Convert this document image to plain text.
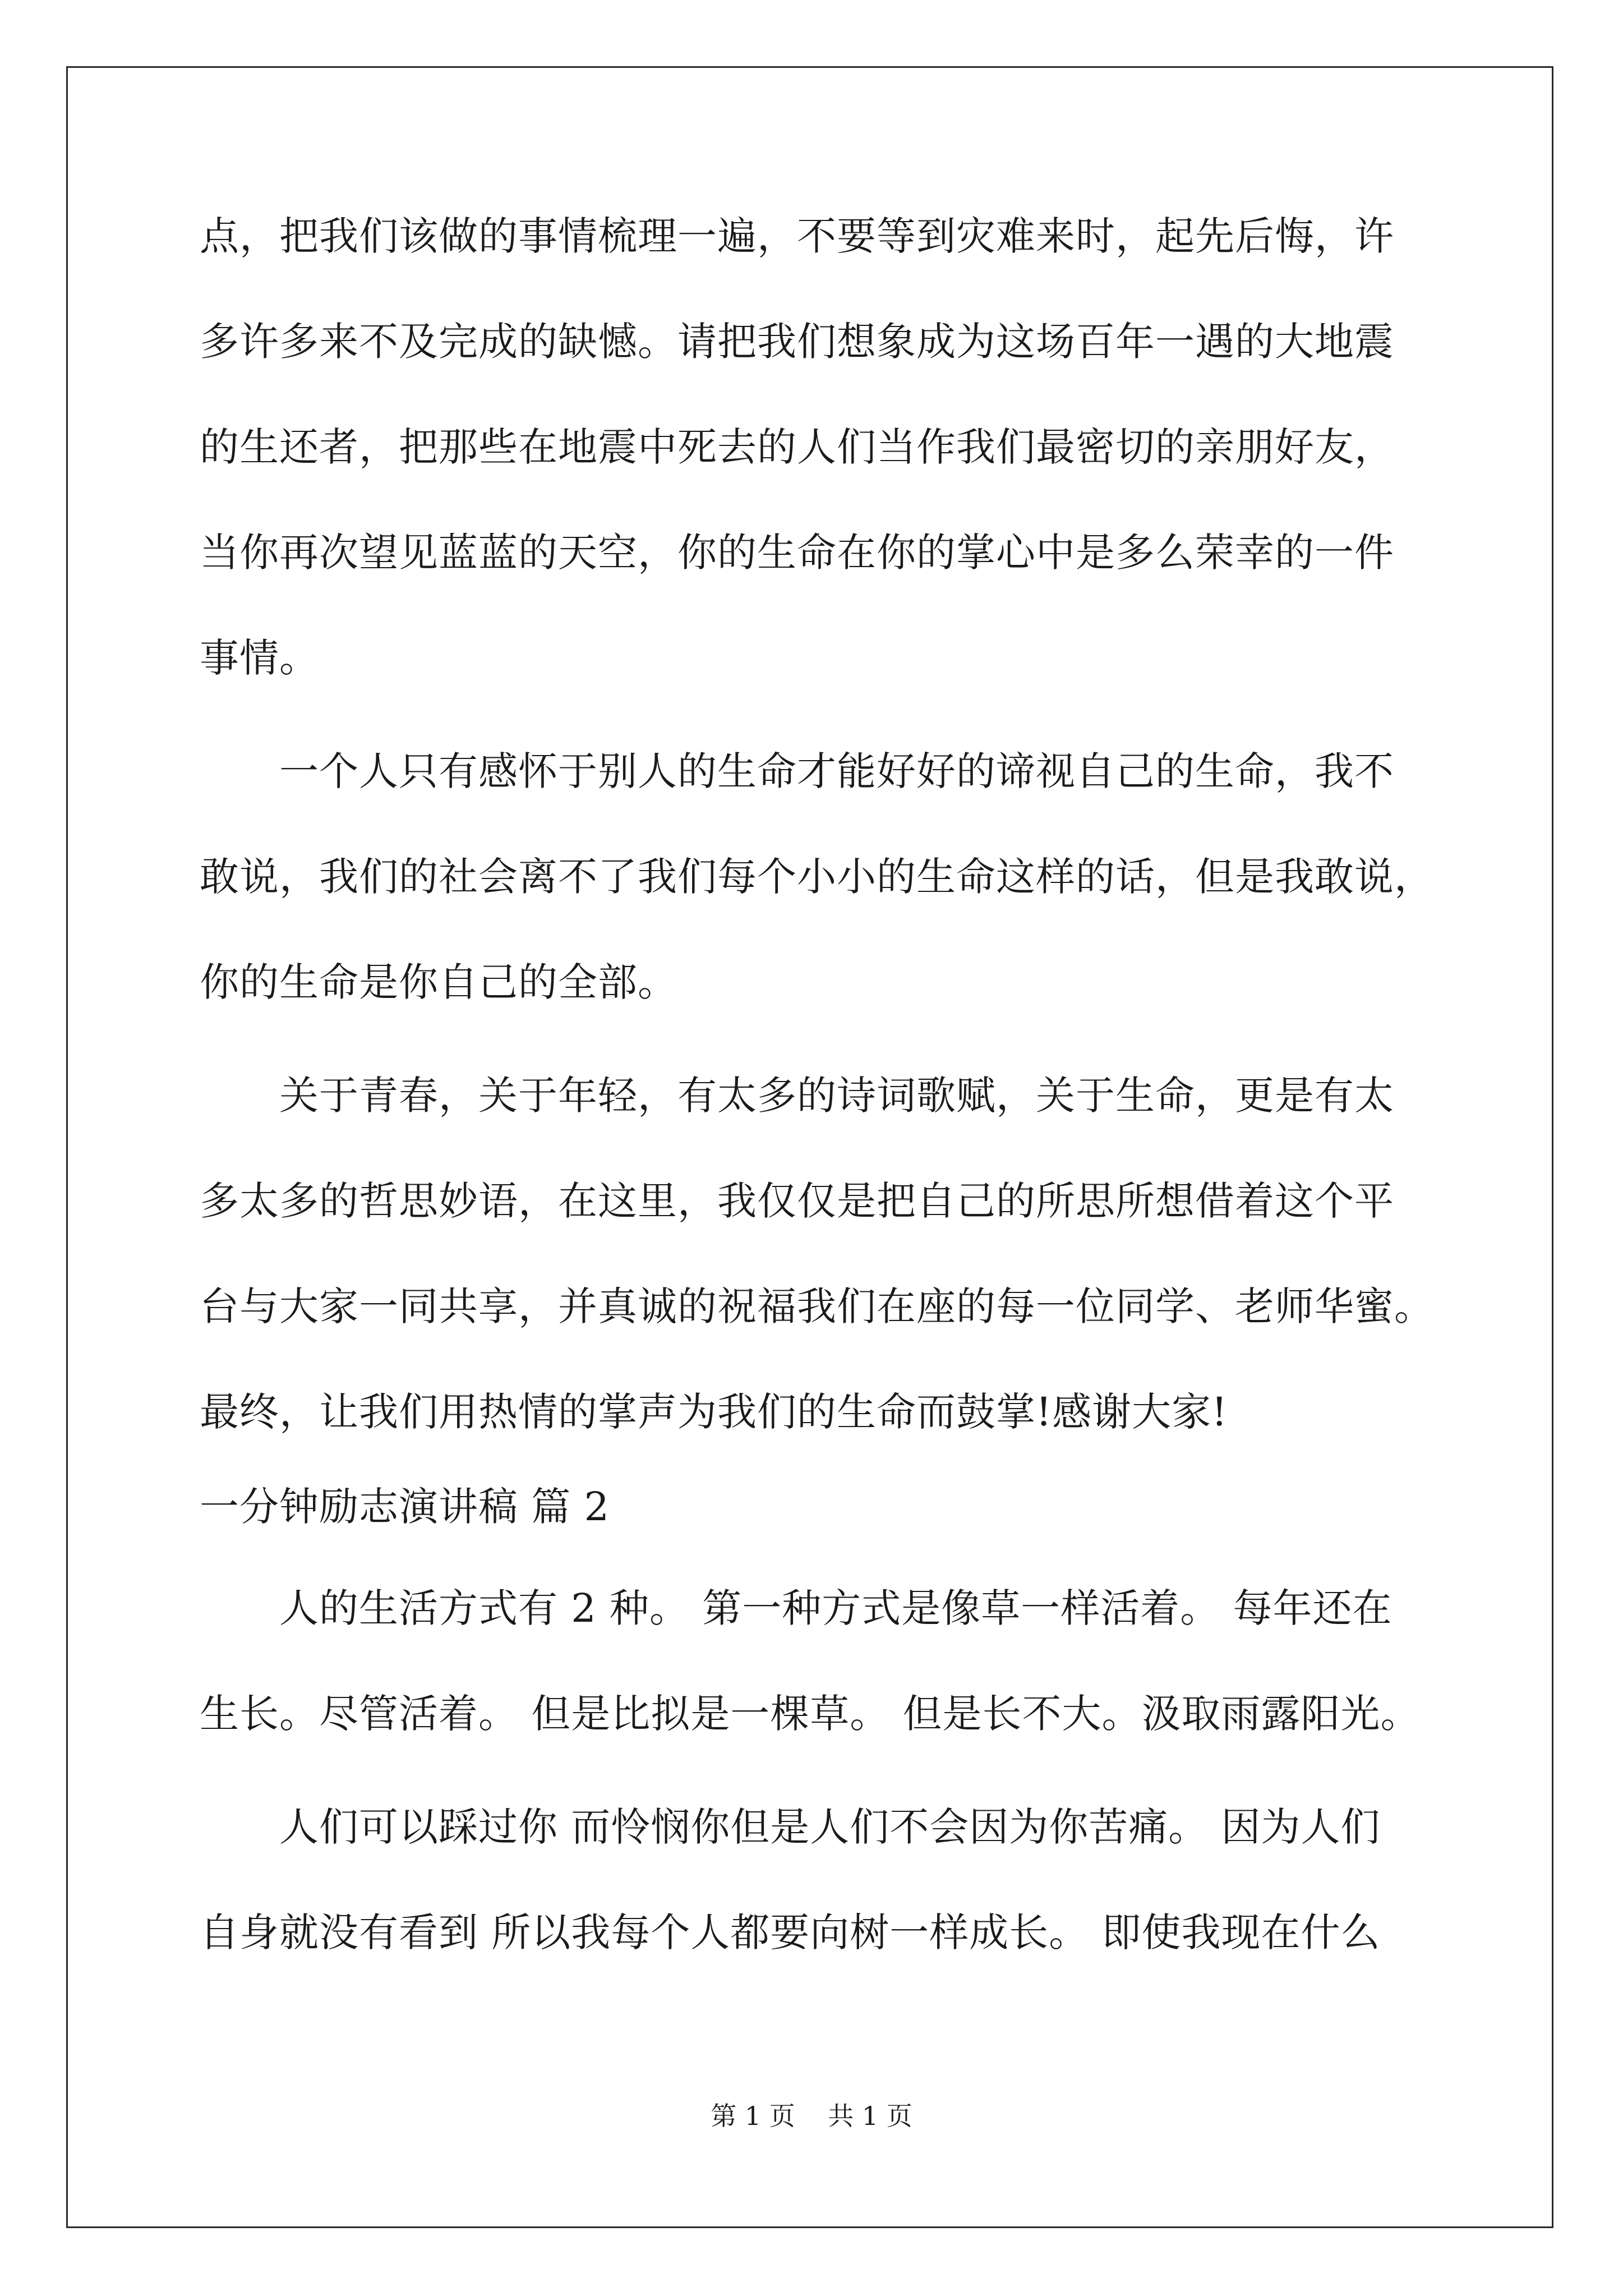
点，把我们该做的事情梳理一遍，不要等到灾难来时，起先后悔，许
多许多来不及完成的缺憾。请把我们想象成为这场百年一遇的大地震
的生还者，把那些在地震中死去的人们当作我们最密切的亲朋好友，
当你再次望见蓝蓝的天空，你的生命在你的掌心中是多么荣幸的一件
事情。
一个人只有感怀于别人的生命才能好好的谛视自己的生命，我不
敢说，我们的社会离不了我们每个小小的生命这样的话，但是我敢说，
你的生命是你自己的全部。
关于青春，关于年轻，有太多的诗词歌赋，关于生命，更是有太
多太多的哲思妙语，在这里，我仅仅是把自己的所思所想借着这个平
台与大家一同共享，并真诚的祝福我们在座的每一位同学、老师华蜜。
最终，让我们用热情的掌声为我们的生命而鼓掌!感谢大家!
一分钟励志演讲稿 篇 2
人的生活方式有 2 种。 第一种方式是像草一样活着。 每年还在
生长。尽管活着。 但是比拟是一棵草。 但是长不大。汲取雨露阳光。
人们可以踩过你 而怜悯你但是人们不会因为你苦痛。 因为人们
自身就没有看到 所以我每个人都要向树一样成长。 即使我现在什么
第 1 页    共 1 页
